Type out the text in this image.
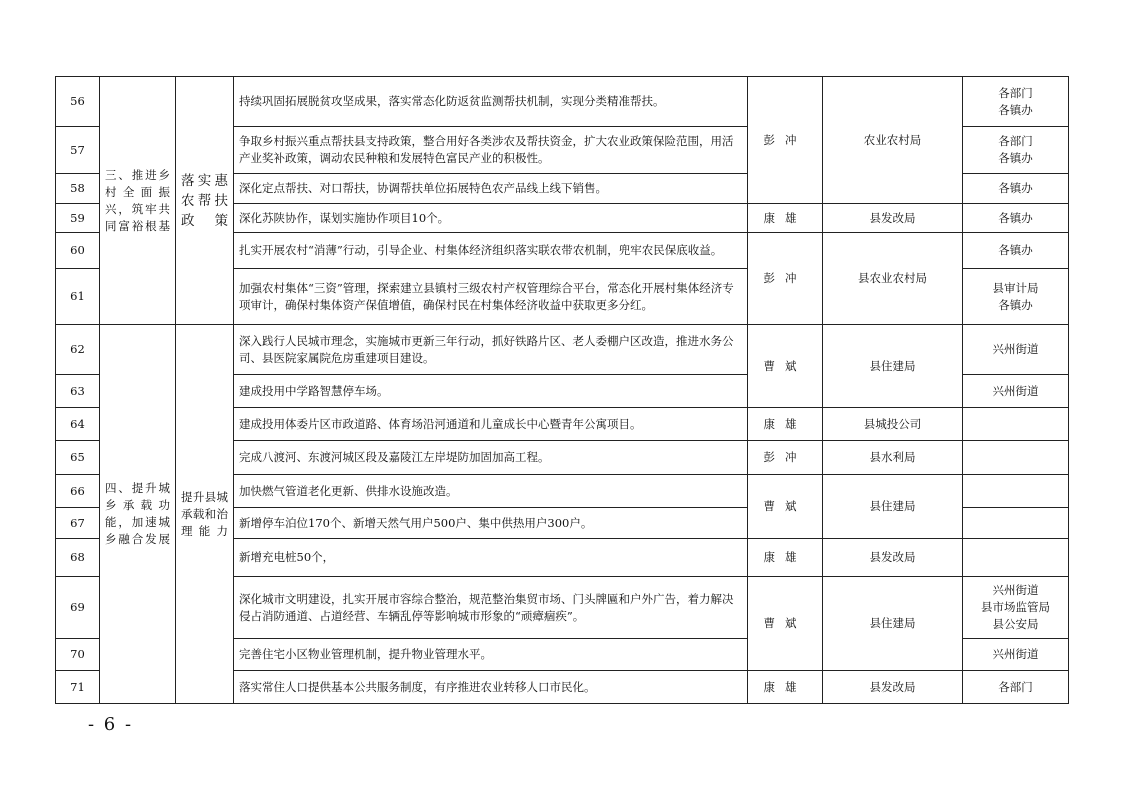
56	三、推进乡村全面振兴，筑牢共同富裕根基	落实惠农帮扶政策	持续巩固拓展脱贫攻坚成果，落实常态化防返贫监测帮扶机制，实现分类精准帮扶。	彭冲	农业农村局	各部门
各镇办

57			争取乡村振兴重点帮扶县支持政策，整合用好各类涉农及帮扶资金，扩大农业政策保险范围，用活产业奖补政策，调动农民种粮和发展特色富民产业的积极性。			各部门
各镇办

58			深化定点帮扶、对口帮扶，协调帮扶单位拓展特色农产品线上线下销售。			各镇办

59			深化苏陕协作，谋划实施协作项目10个。	康雄	县发改局	各镇办

60			扎实开展农村“消薄”行动，引导企业、村集体经济组织落实联农带农机制，兜牢农民保底收益。	彭冲	县农业农村局	各镇办

61			加强农村集体“三资”管理，探索建立县镇村三级农村产权管理综合平台，常态化开展村集体经济专项审计，确保村集体资产保值增值，确保村民在村集体经济收益中获取更多分红。			县审计局
各镇办

62	四、提升城乡承载功能，加速城乡融合发展	提升县城承载和治理能力	深入践行人民城市理念，实施城市更新三年行动，抓好铁路片区、老人委棚户区改造，推进水务公司、县医院家属院危房重建项目建设。	曹斌	县住建局	兴州街道

63			建成投用中学路智慧停车场。			兴州街道

64			建成投用体委片区市政道路、体育场沿河通道和儿童成长中心暨青年公寓项目。	康雄	县城投公司	
65			完成八渡河、东渡河城区段及嘉陵江左岸堤防加固加高工程。	彭冲	县水利局	
66			加快燃气管道老化更新、供排水设施改造。	曹斌	县住建局	
67			新增停车泊位170个、新增天然气用户500户、集中供热用户300户。			
68			新增充电桩50个，	康雄	县发改局	
69			深化城市文明建设，扎实开展市容综合整治，规范整治集贸市场、门头牌匾和户外广告，着力解决侵占消防通道、占道经营、车辆乱停等影响城市形象的“顽瘴痼疾”。	曹斌	县住建局	兴州街道
县市场监管局
县公安局

70			完善住宅小区物业管理机制，提升物业管理水平。			兴州街道

71			落实常住人口提供基本公共服务制度，有序推进农业转移人口市民化。	康雄	县发改局	各部门
- 6 -
